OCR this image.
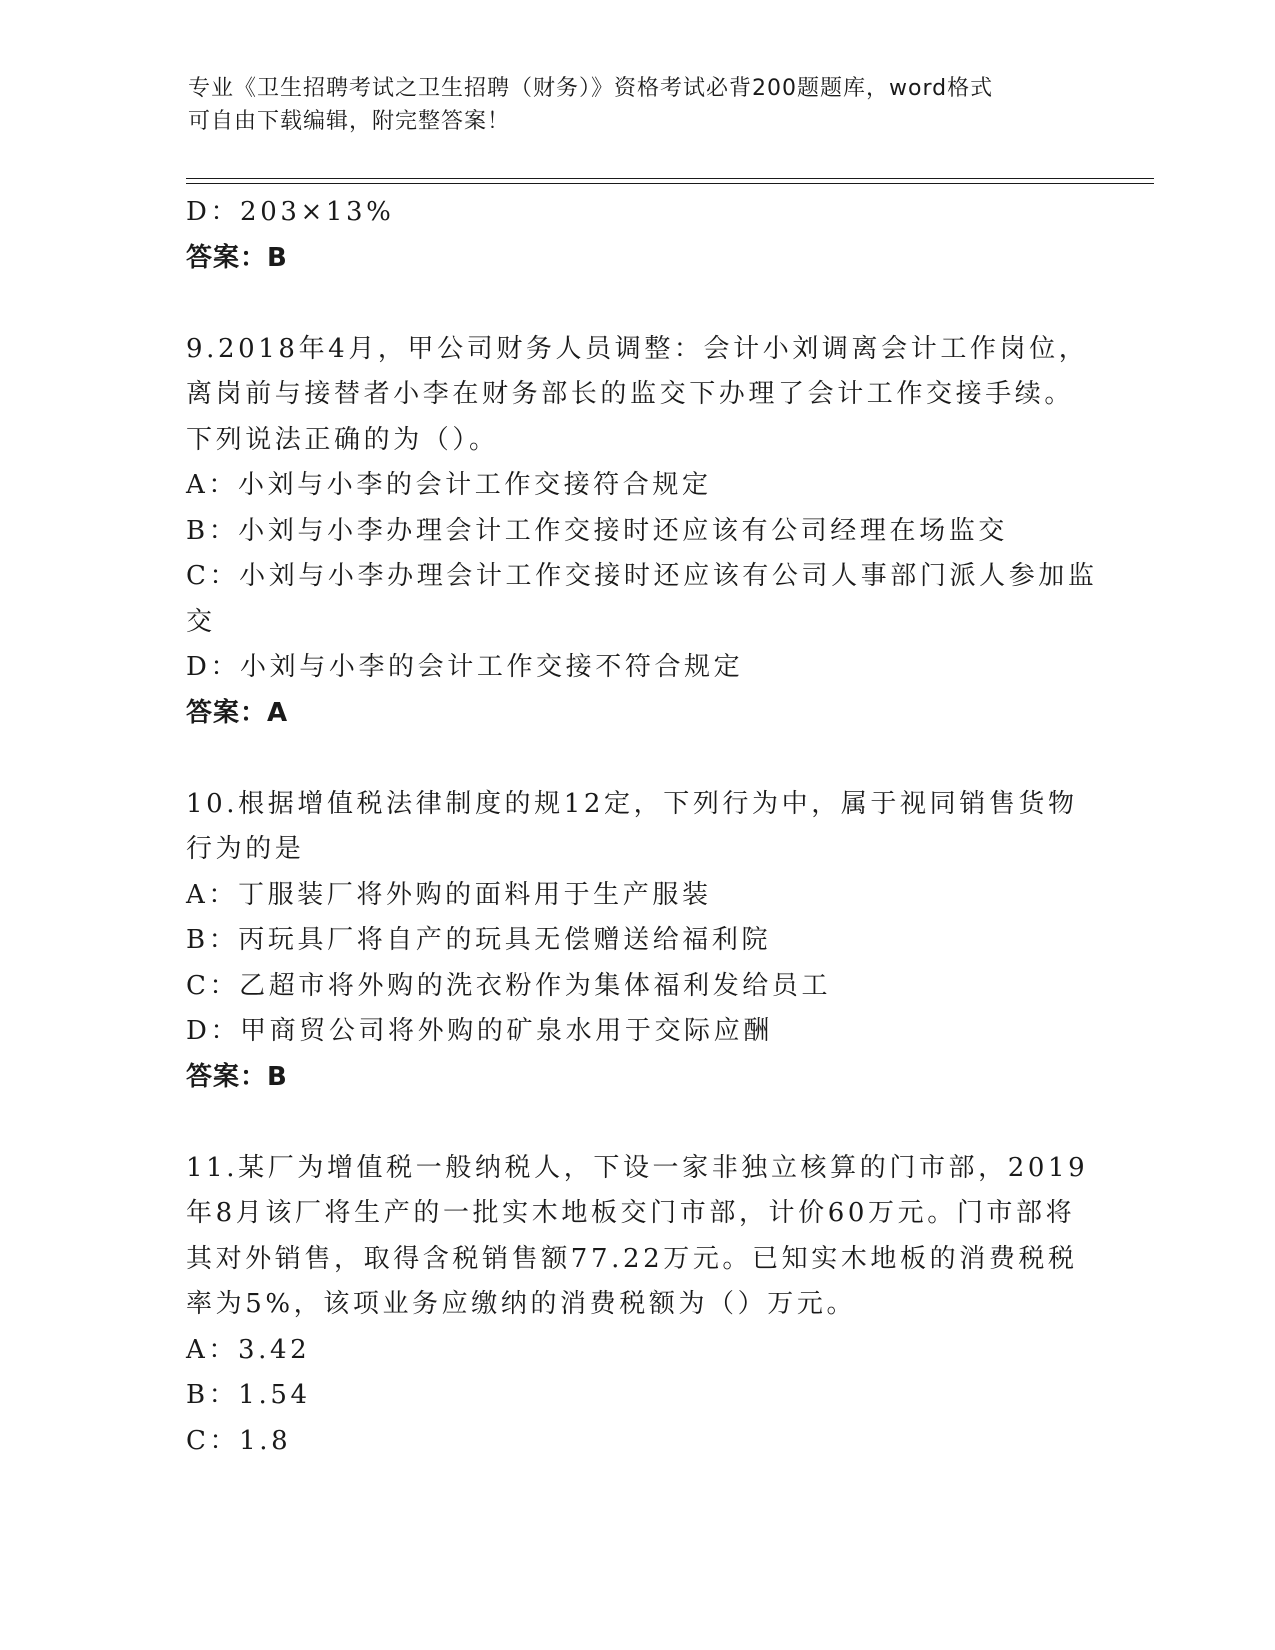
专业《卫生招聘考试之卫生招聘（财务）》资格考试必背200题题库，word格式
可自由下载编辑，附完整答案！
D：203×13%
答案：B
9.2018年4月，甲公司财务人员调整：会计小刘调离会计工作岗位，
离岗前与接替者小李在财务部长的监交下办理了会计工作交接手续。
下列说法正确的为（）。
A：小刘与小李的会计工作交接符合规定
B：小刘与小李办理会计工作交接时还应该有公司经理在场监交
C：小刘与小李办理会计工作交接时还应该有公司人事部门派人参加监
交
D：小刘与小李的会计工作交接不符合规定
答案：A
10.根据增值税法律制度的规12定，下列行为中，属于视同销售货物
行为的是
A：丁服装厂将外购的面料用于生产服装
B：丙玩具厂将自产的玩具无偿赠送给福利院
C：乙超市将外购的洗衣粉作为集体福利发给员工
D：甲商贸公司将外购的矿泉水用于交际应酬
答案：B
11.某厂为增值税一般纳税人，下设一家非独立核算的门市部，2019
年8月该厂将生产的一批实木地板交门市部，计价60万元。门市部将
其对外销售，取得含税销售额77.22万元。已知实木地板的消费税税
率为5%，该项业务应缴纳的消费税额为（）万元。
A：3.42
B：1.54
C：1.8
